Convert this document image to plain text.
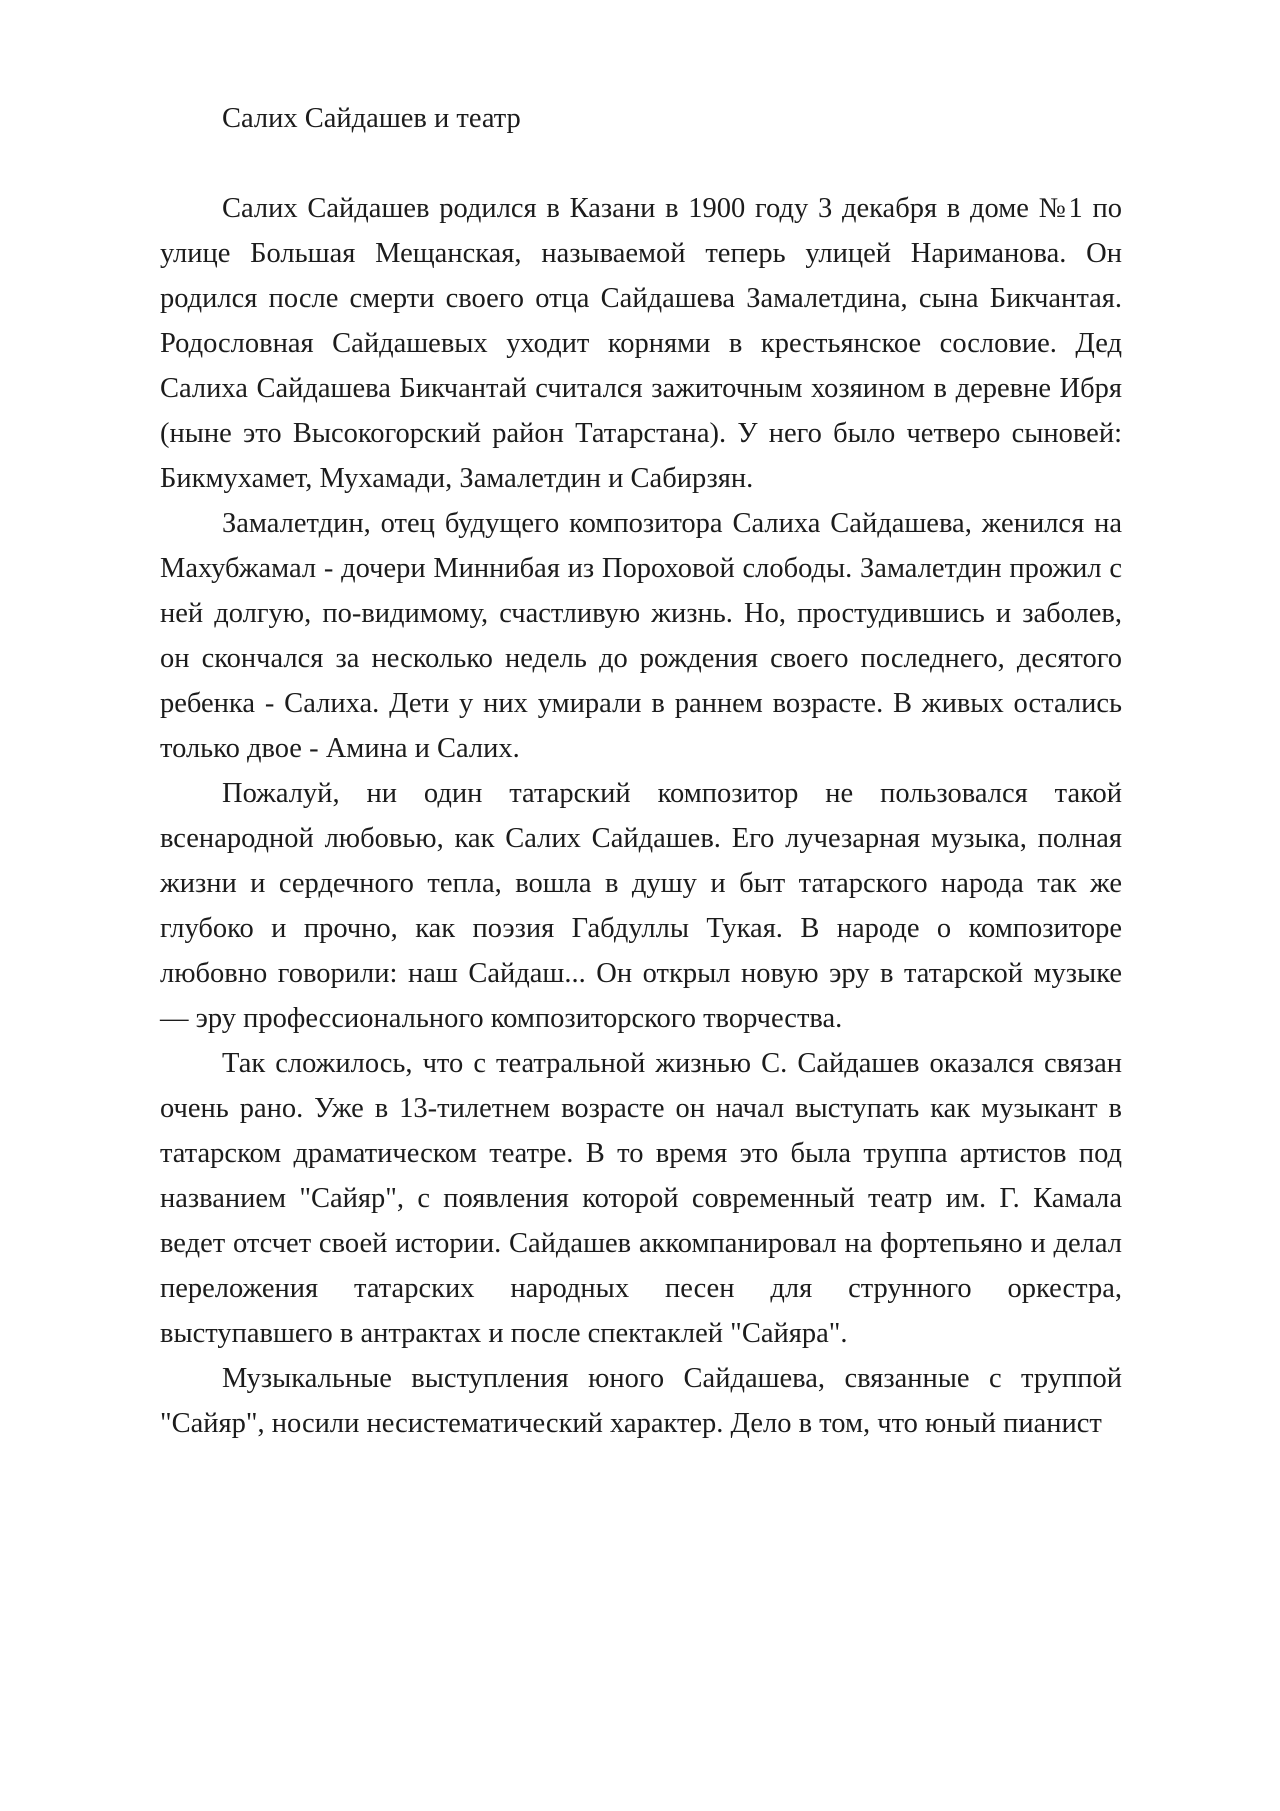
Салих Сайдашев и театр

Салих Сайдашев родился в Казани в 1900 году 3 декабря в доме №1 по улице Большая Мещанская, называемой теперь улицей Нариманова. Он родился после смерти своего отца Сайдашева Замалетдина, сына Бикчантая. Родословная Сайдашевых уходит корнями в крестьянское сословие. Дед Салиха Сайдашева Бикчантай считался зажиточным хозяином в деревне Ибря (ныне это Высокогорский район Татарстана). У него было четверо сыновей: Бикмухамет, Мухамади, Замалетдин и Сабирзян.

Замалетдин, отец будущего композитора Салиха Сайдашева, женился на Махубжамал - дочери Миннибая из Пороховой слободы. Замалетдин прожил с ней долгую, по-видимому, счастливую жизнь. Но, простудившись и заболев, он скончался за несколько недель до рождения своего последнего, десятого ребенка - Салиха. Дети у них умирали в раннем возрасте. В живых остались только двое - Амина и Салих.

Пожалуй, ни один татарский композитор не пользовался такой всенародной любовью, как Салих Сайдашев. Его лучезарная музыка, полная жизни и сердечного тепла, вошла в душу и быт татарского народа так же глубоко и прочно, как поэзия Габдуллы Тукая. В народе о композиторе любовно говорили: наш Сайдаш... Он открыл новую эру в татарской музыке — эру профессионального композиторского творчества.

Так сложилось, что с театральной жизнью С. Сайдашев оказался связан очень рано. Уже в 13-тилетнем возрасте он начал выступать как музыкант в татарском драматическом театре. В то время это была труппа артистов под названием "Сайяр", с появления которой современный театр им. Г. Камала ведет отсчет своей истории. Сайдашев аккомпанировал на фортепьяно и делал переложения татарских народных песен для струнного оркестра, выступавшего в антрактах и после спектаклей "Сайяра".

Музыкальные выступления юного Сайдашева, связанные с труппой "Сайяр", носили несистематический характер. Дело в том, что юный пианист
